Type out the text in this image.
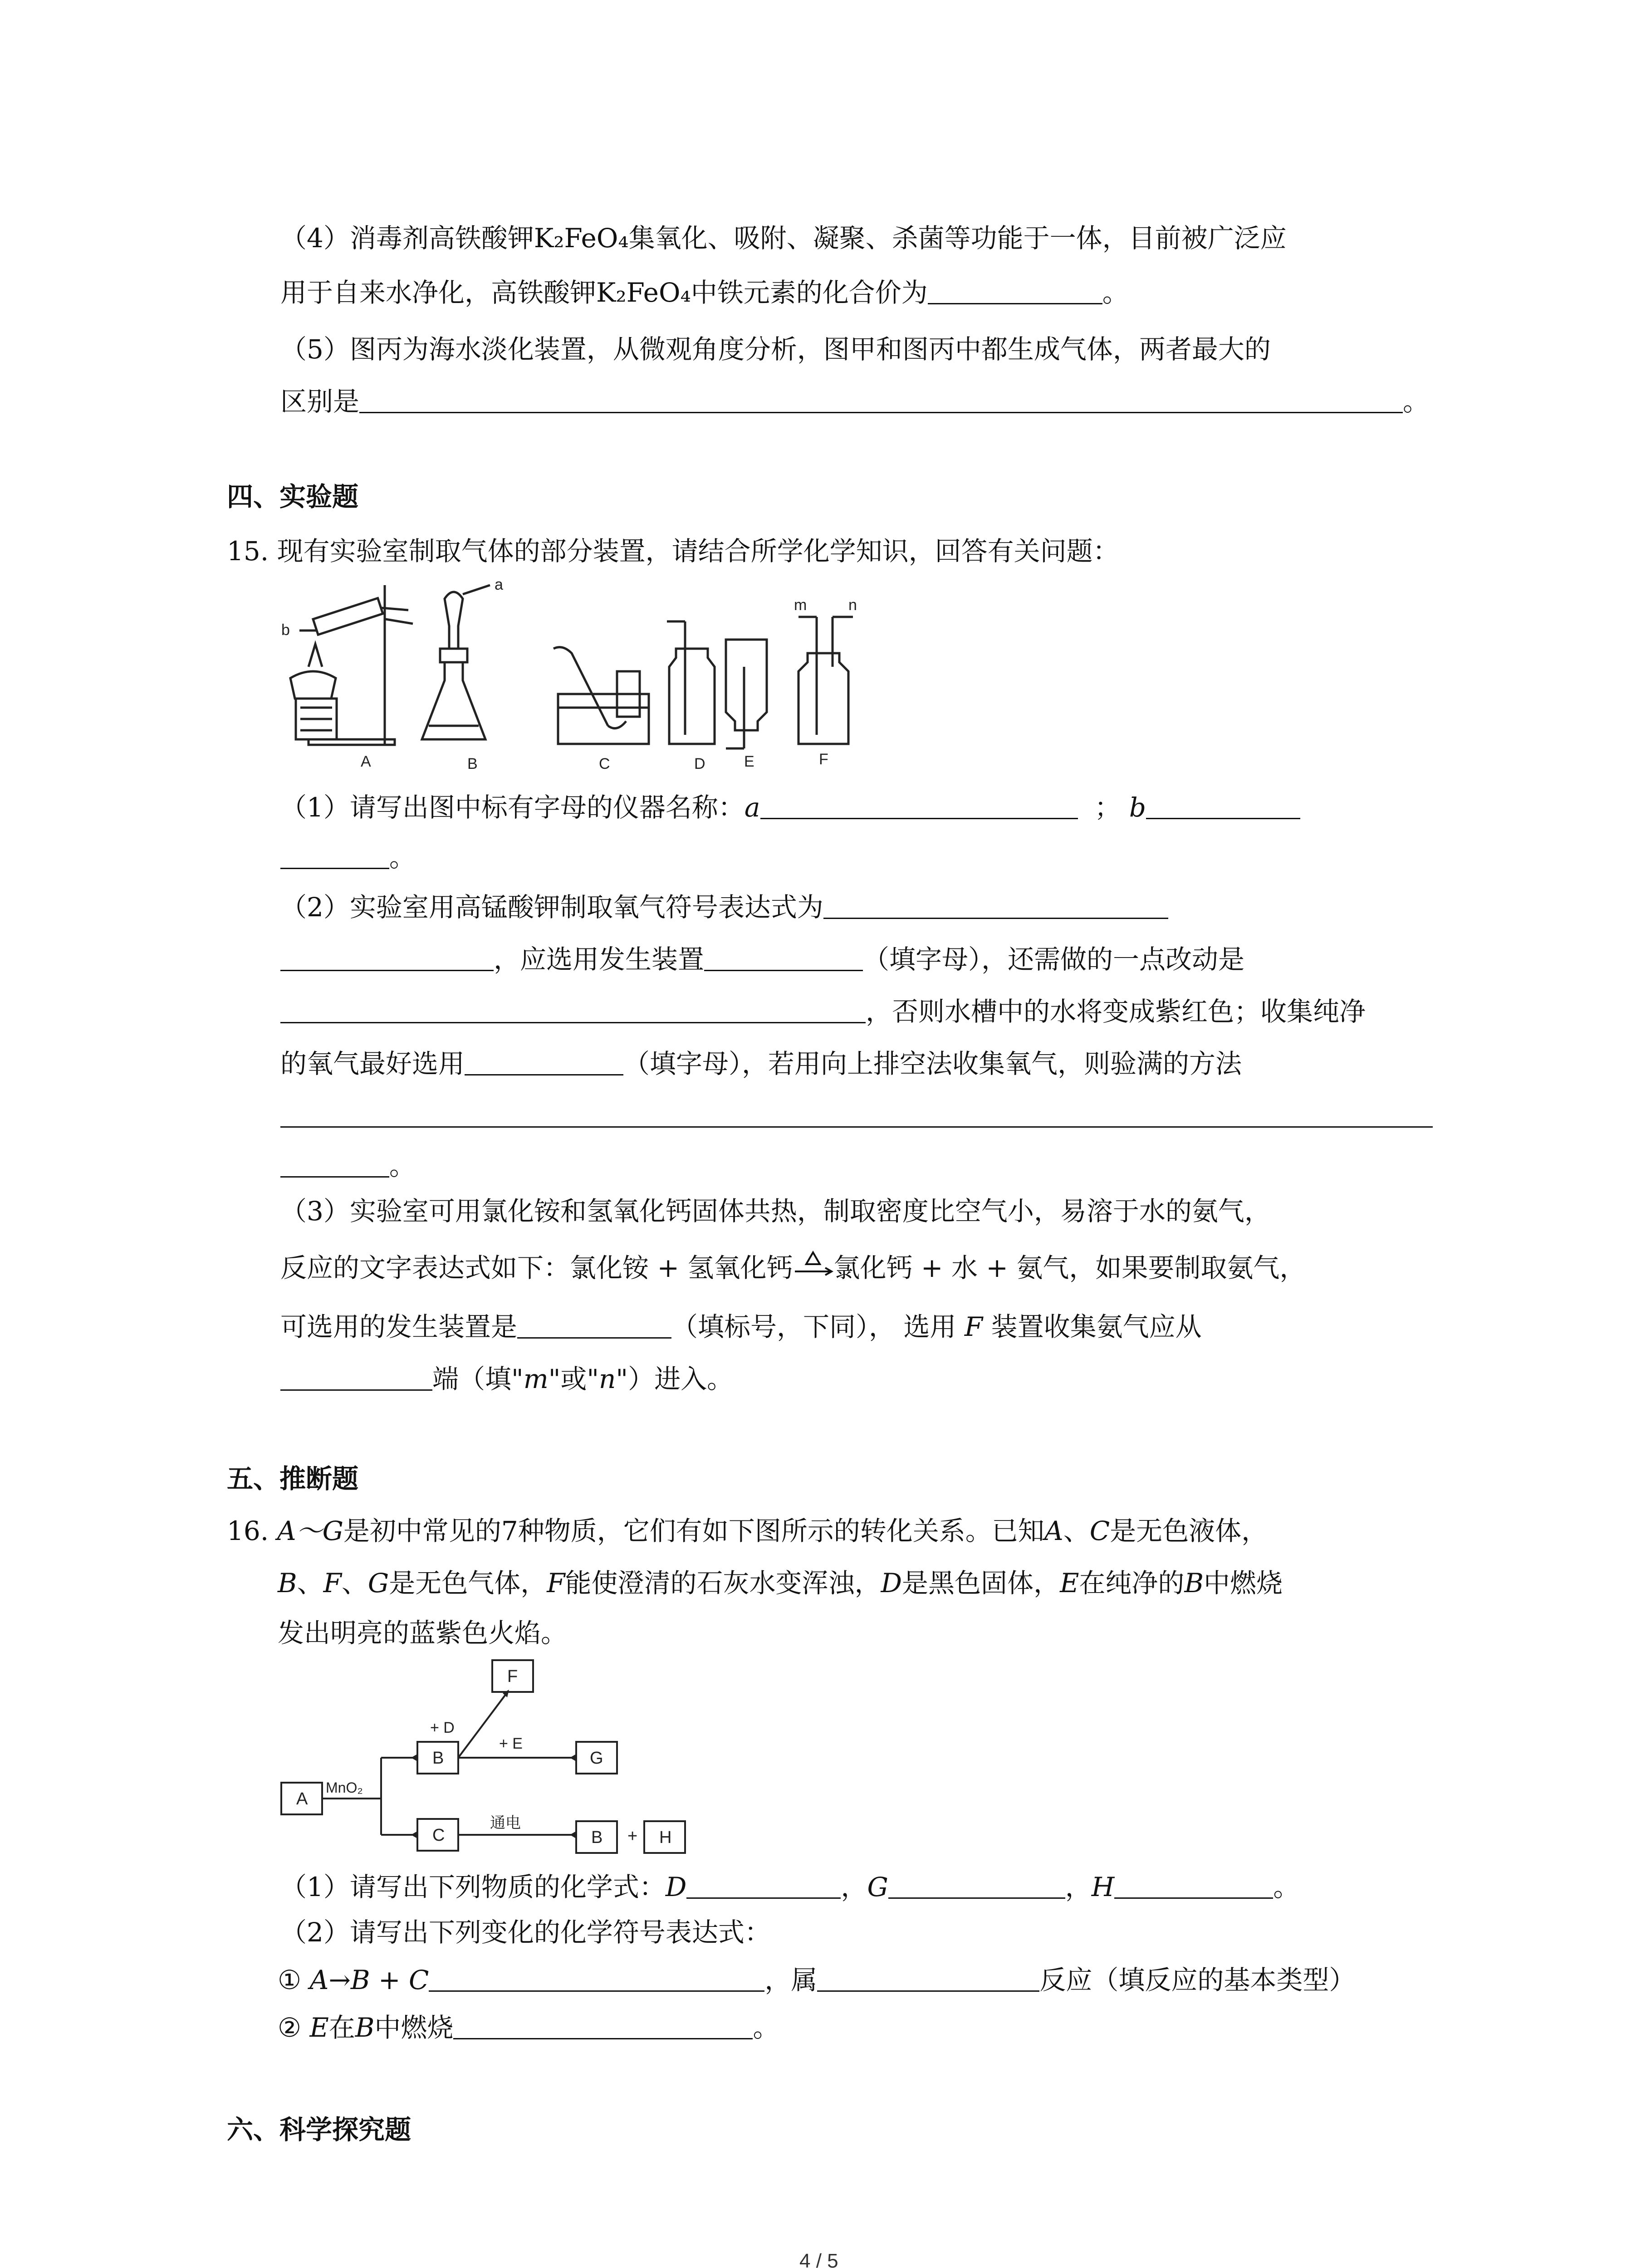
（4）消毒剂高铁酸钾K₂FeO₄集氧化、吸附、凝聚、杀菌等功能于一体，目前被广泛应
用于自来水净化，高铁酸钾K₂FeO₄中铁元素的化合价为	。
（5）图丙为海水淡化装置，从微观角度分析，图甲和图丙中都生成气体，两者最大的
区别是	。
四、实验题
15. 现有实验室制取气体的部分装置，请结合所学化学知识，回答有关问题：
a
b
m	n
A	B	C	D	E	F
（1）请写出图中标有字母的仪器名称：a	； b
。
（2）实验室用高锰酸钾制取氧气符号表达式为
，应选用发生装置	（填字母），还需做的一点改动是
，否则水槽中的水将变成紫红色；收集纯净
的氧气最好选用	（填字母），若用向上排空法收集氧气，则验满的方法
。
（3）实验室可用氯化铵和氢氧化钙固体共热，制取密度比空气小，易溶于水的氨气，
反应的文字表达式如下：氯化铵 + 氢氧化钙 氯化钙 + 水 + 氨气，如果要制取氨气，
可选用的发生装置是	（填标号，下同）， 选用 F 装置收集氨气应从
端（填"m"或"n"）进入。
五、推断题
16. A～G是初中常见的7种物质，它们有如下图所示的转化关系。已知A、C是无色液体，
B、F、G是无色气体，F能使澄清的石灰水变浑浊，D是黑色固体，E在纯净的B中燃烧
发出明亮的蓝紫色火焰。
A
B
C
F
G
B	H
MnO₂
+ D
+ E
通电
+
（1）请写出下列物质的化学式：D	，G	，H	。
（2）请写出下列变化的化学符号表达式：
① A→B + C	，属	反应（填反应的基本类型）
② E在B中燃烧	。
六、科学探究题
4 / 5
